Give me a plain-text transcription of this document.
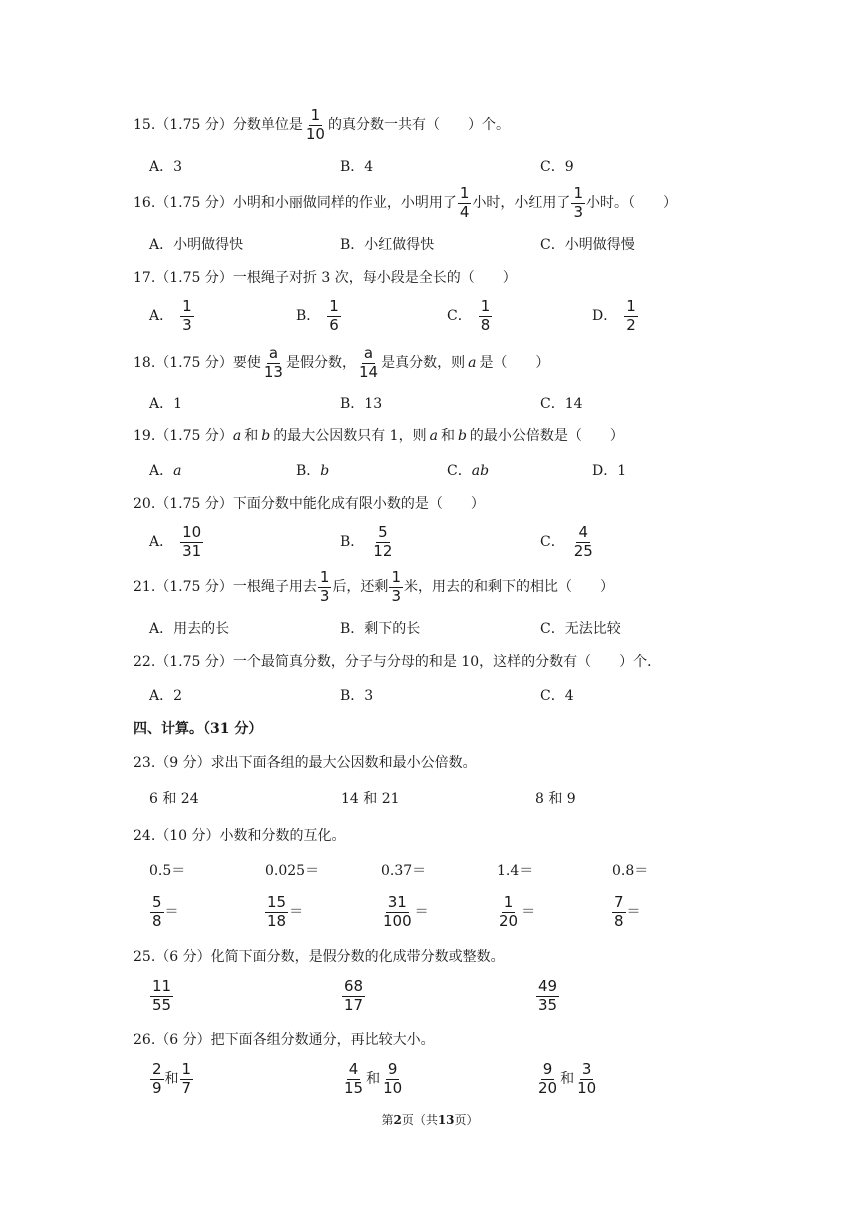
15.（1.75 分）分数单位是 $\frac{1}{10}$ 的真分数一共有（　　）个。
A．3	B．4	C．9
16.（1.75 分）小明和小丽做同样的作业，小明用了 $\frac{1}{4}$ 小时，小红用了 $\frac{1}{3}$ 小时。（　　）
A．小明做得快	B．小红做得快	C．小明做得慢
17.（1.75 分）一根绳子对折 3 次，每小段是全长的（　　）
A． $\frac{1}{3}$	B． $\frac{1}{6}$	C． $\frac{1}{8}$	D． $\frac{1}{2}$
18.（1.75 分）要使 $\frac{a}{13}$ 是假分数， $\frac{a}{14}$ 是真分数，则 a 是（　　）
A．1	B．13	C．14
19.（1.75 分） a 和 b 的最大公因数只有 1，则 a 和 b 的最小公倍数是（　　）
A．a	B．b	C．ab	D．1
20.（1.75 分）下面分数中能化成有限小数的是（　　）
A． $\frac{10}{31}$	B． $\frac{5}{12}$	C． $\frac{4}{25}$
21.（1.75 分）一根绳子用去 $\frac{1}{3}$ 后，还剩 $\frac{1}{3}$ 米，用去的和剩下的相比（　　）
A．用去的长	B．剩下的长	C．无法比较
22.（1.75 分）一个最简真分数，分子与分母的和是 10，这样的分数有（　　）个．
A．2	B．3	C．4
四、计算。（31 分）
23.（9 分）求出下面各组的最大公因数和最小公倍数。
6 和 24	14 和 21	8 和 9
24.（10 分）小数和分数的互化。
0.5＝	0.025＝	0.37＝	1.4＝	0.8＝
$\frac{5}{8}$ ＝	$\frac{15}{18}$ ＝	$\frac{31}{100}$ ＝	$\frac{1}{20}$ ＝	$\frac{7}{8}$ ＝
25.（6 分）化简下面分数，是假分数的化成带分数或整数。
$\frac{11}{55}$	$\frac{68}{17}$	$\frac{49}{35}$
26.（6 分）把下面各组分数通分，再比较大小。
$\frac{2}{9}$ 和 $\frac{1}{7}$	$\frac{4}{15}$ 和 $\frac{9}{10}$	$\frac{9}{20}$ 和 $\frac{3}{10}$
第2页（共13页）
